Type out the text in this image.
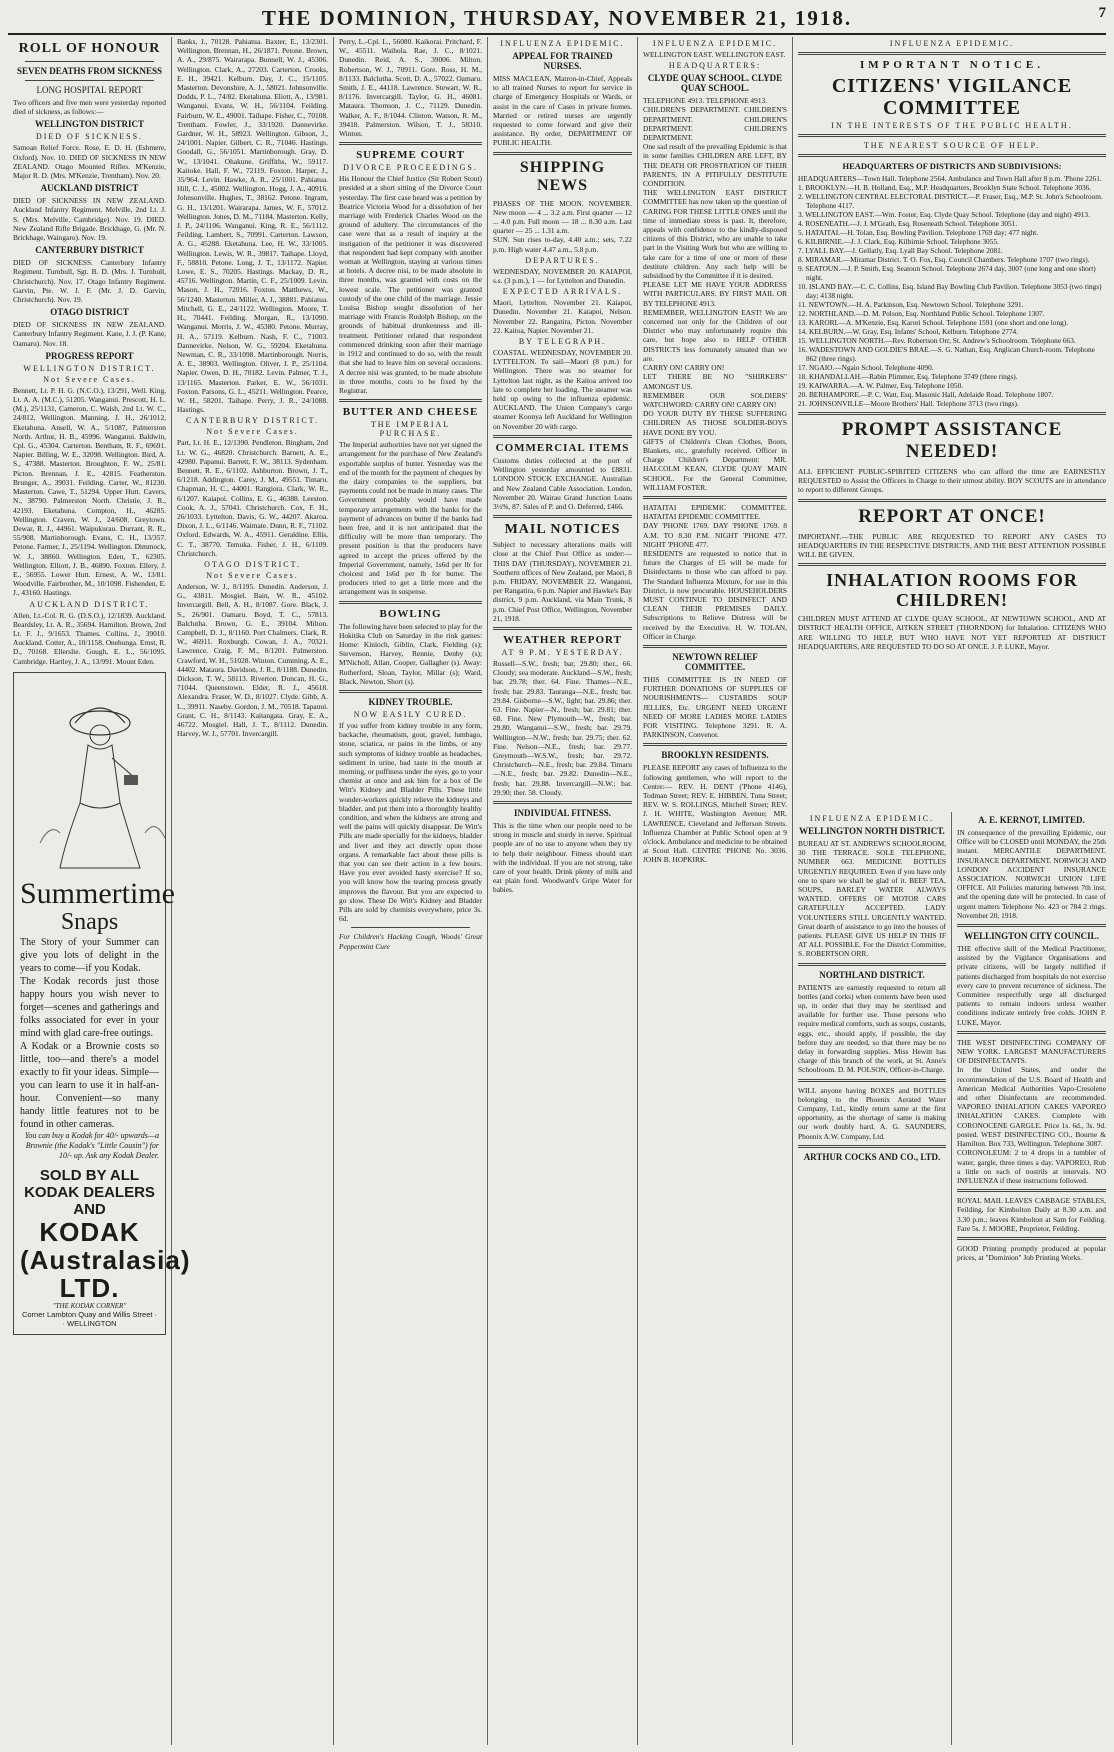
THE DOMINION, THURSDAY, NOVEMBER 21, 1918.	7
ROLL OF HONOUR
SEVEN DEATHS FROM SICKNESS
LONG HOSPITAL REPORT

Two officers and five men were yesterday reported died of sickness, as follows:—

WELLINGTON DISTRICT
DIED OF SICKNESS.

Samoan Relief Force. Rose, E. D. H. (Eshmere, Oxford). Nov. 10. DIED OF SICKNESS IN NEW ZEALAND. Otago Mounted Rifles. M'Kenzie, Major R. D. (Mrs. M'Kenzie, Trentham). Nov. 20.

AUCKLAND DISTRICT

DIED OF SICKNESS IN NEW ZEALAND. Auckland Infantry Regiment. Melville, 2nd Lt. J. S. (Mrs. Melville, Cambridge). Nov. 19. DIED. New Zealand Rifle Brigade. Brickhage, G. (Mr. N. Brickhage, Waingaro). Nov. 19.

CANTERBURY DISTRICT

DIED OF SICKNESS. Canterbury Infantry Regiment. Turnbull, Sgt. B. D. (Mrs. J. Turnbull, Christchurch). Nov. 17. Otago Infantry Regiment. Garvin, Pte. W. J. F. (Mr. J. D. Garvin, Christchurch). Nov. 19.

OTAGO DISTRICT

DIED OF SICKNESS IN NEW ZEALAND. Canterbury Infantry Regiment. Kane, J. J. (P. Kane, Oamaru). Nov. 18.

PROGRESS REPORT
WELLINGTON DISTRICT.
Not Severe Cases.

Bennett, Lt. P. H. G. (N.C.O.), 13/291, Well. King, Lt. A. A. (M.C.), 51205. Wanganui. Prescott, H. L. (M.), 25/1131, Cameron, C. Walsh, 2nd Lt. W. C., 24/812, Wellington. Manning, J. H., 26/1012, Eketahuna. Ansell, W. A., 5/1087, Palmerston North. Arthur, H. B., 45996. Wanganui. Baldwin, Cpl. G., 45304. Carterton. Bentham, R. F., 69691. Napier. Billing, W. E., 32098. Wellington. Bird, A. S., 47388. Masterton. Broughton, F. W., 25/81. Picton. Brennan, J. E., 42815. Featherston. Brunger, A., 39031. Feilding. Carter, W., 81230. Masterton. Cawe, T., 51294. Upper Hutt. Cavers, N., 38790. Palmerston North. Christie, J. R., 42193. Eketahuna. Compton, H., 46285. Wellington. Craven, W. J., 24/608. Greytown. Dewar, R. J., 44961. Waipukurau. Durrant, R. R., 55/908. Martinborough. Evans, C. H., 13/357. Petone. Farmer, J., 25/1194. Wellington. Dimmock, W. J., 38860. Wellington. Eden, T., 62305. Wellington. Elliott, J. B., 46890. Foxton. Ellery, J. E., 56955. Lower Hutt. Ernest, A. W., 13/81. Woodville. Fairbrother, M., 10/1098. Fishenden, E. J., 43160. Hastings.

AUCKLAND DISTRICT.

Allen, Lt.-Col. R. G. (D.S.O.), 12/1839. Auckland. Beardsley, Lt. A. R., 35694. Hamilton. Brown, 2nd Lt. F. J., 9/1653. Thames. Collins, J., 39010. Auckland. Cotter, A., 10/1158. Onehunga. Ernst, R. D., 70168. Ellerslie. Gough, E. L., 56/1095. Cambridge. Hartley, J. A., 13/991. Mount Eden.

Summertime
Snaps

The Story of your Summer can give you lots of delight in the years to come—if you Kodak.

The Kodak records just those happy hours you wish never to forget—scenes and gatherings and folks associated for ever in your mind with glad care-free outings.

A Kodak or a Brownie costs so little, too—and there's a model exactly to fit your ideas. Simple—you can learn to use it in half-an-hour. Convenient—so many handy little features not to be found in other cameras.

You can buy a Kodak for 40/- upwards—a Brownie (the Kodak's "Little Cousin") for 10/- up. Ask any Kodak Dealer.

SOLD BY ALL KODAK DEALERS AND
KODAK (Australasia) LTD.
"THE KODAK CORNER"
Corner Lambton Quay and Willis Street · · WELLINGTON

Banks, J., 70128. Pahiatua. Baxter, E., 13/2301. Wellington. Brennan, H., 26/1871. Petone. Brown, A. A., 29/875. Wairarapa. Bunnell, W. J., 45306. Wellington. Clark, A., 27203. Carterton. Crooks, E. H., 39421. Kelburn. Day, J. C., 15/1105. Masterton. Devonshire, A. J., 58021. Johnsonville. Dodds, P. L., 74/82. Eketahuna. Eliott, A., 13/981. Wanganui. Evans, W. H., 56/1104. Feilding. Fairburn, W. E., 49001. Taihape. Fisher, C., 70108. Trentham. Fowler, J., 33/1920. Dannevirke. Gardner, W. H., 58923. Wellington. Gibson, J., 24/1001. Napier. Gilbert, C. R., 71046. Hastings. Goodall, G., 56/1051. Martinborough. Gray, D. W., 13/1041. Ohakune. Griffiths, W., 59117. Kaitoke. Hall, F. W., 72119. Foxton. Harper, J., 35/964. Levin. Hawke, A. R., 25/1001. Pahiatua. Hill, C. J., 45002. Wellington. Hogg, J. A., 40916. Johnsonville. Hughes, T., 38162. Petone. Ingram, G. H., 13/1201. Wairarapa. James, W. F., 57012. Wellington. Jones, D. M., 71184. Masterton. Kelly, J. P., 24/1106. Wanganui. King, R. E., 56/1112. Feilding. Lambert, S., 70991. Carterton. Lawson, A. G., 45288. Eketahuna. Lee, H. W., 33/1005. Wellington. Lewis, W. R., 39817. Taihape. Lloyd, F., 58810. Petone. Long, J. T., 13/1172. Napier. Lowe, E. S., 70205. Hastings. Mackay, D. R., 45716. Wellington. Martin, C. F., 25/1009. Levin. Mason, J. H., 72016. Foxton. Matthews, W., 56/1240. Masterton. Miller, A. J., 38881. Pahiatua. Mitchell, G. E., 24/1122. Wellington. Moore, T. H., 70441. Feilding. Morgan, R., 13/1090. Wanganui. Morris, J. W., 45380. Petone. Murray, H. A., 57119. Kelburn. Nash, F. C., 71003. Dannevirke. Nelson, W. G., 59204. Eketahuna. Newman, C. R., 33/1098. Martinborough. Norris, A. E., 38903. Wellington. Oliver, J. P., 25/1104. Napier. Owen, D. H., 70182. Levin. Palmer, T. J., 13/1165. Masterton. Parker, E. W., 56/1031. Foxton. Parsons, G. L., 45211. Wellington. Pearce, W. H., 58201. Taihape. Perry, J. R., 24/1088. Hastings.

CANTERBURY DISTRICT.
Not Severe Cases.

Part, Lt. H. E., 12/1390. Pendleton. Bingham, 2nd Lt. W. G., 46820. Christchurch. Barnett, A. E., 42980. Papanui. Barrett, F. W., 38113. Sydenham. Bennett, R. E., 6/1102. Ashburton. Brown, J. T., 6/1218. Addington. Carey, J. M., 49551. Timaru. Chapman, H. C., 44001. Rangiora. Clark, W. R., 6/1207. Kaiapoi. Collins, E. G., 46388. Leeston. Cook, A. J., 57041. Christchurch. Cox, F. H., 26/1033. Lyttelton. Davis, G. W., 44207. Akaroa. Dixon, J. L., 6/1146. Waimate. Dunn, R. F., 71102. Oxford. Edwards, W. A., 45911. Geraldine. Ellis, C. T., 38770. Temuka. Fisher, J. H., 6/1109. Christchurch.

OTAGO DISTRICT.
Not Severe Cases.

Anderson, W. J., 8/1195. Dunedin. Anderson, J. G., 43811. Mosgiel. Bain, W. R., 45102. Invercargill. Bell, A. H., 8/1087. Gore. Black, J. S., 26/901. Oamaru. Boyd, T. C., 57813. Balclutha. Brown, G. E., 39104. Milton. Campbell, D. J., 8/1160. Port Chalmers. Clark, R. W., 46911. Roxburgh. Cowan, J. A., 70321. Lawrence. Craig, F. M., 8/1201. Palmerston. Crawford, W. H., 51028. Winton. Cumming, A. E., 44402. Mataura. Davidson, J. R., 8/1188. Dunedin. Dickson, T. W., 58113. Riverton. Duncan, H. G., 71044. Queenstown. Elder, R. J., 45618. Alexandra. Fraser, W. D., 8/1027. Clyde. Gibb, A. L., 39911. Naseby. Gordon, J. M., 70518. Tapanui. Grant, C. H., 8/1143. Kaitangata. Gray, E. A., 46722. Mosgiel. Hall, J. T., 8/1112. Dunedin. Harvey, W. J., 57701. Invercargill.

Perry, L.-Cpl. L., 56080. Kaikorai. Pritchard, F. W., 45511. Waihola. Rae, J. C., 8/1021. Dunedin. Reid, A. S., 39006. Milton. Robertson, W. J., 70911. Gore. Ross, H. M., 8/1133. Balclutha. Scott, D. A., 57022. Oamaru. Smith, J. E., 44118. Lawrence. Stewart, W. R., 8/1176. Invercargill. Taylor, G. H., 46081. Mataura. Thomson, J. C., 71129. Dunedin. Walker, A. F., 8/1044. Clinton. Watson, R. M., 39418. Palmerston. Wilson, T. J., 58310. Winton.

SUPREME COURT
DIVORCE PROCEEDINGS.

His Honour the Chief Justice (Sir Robert Stout) presided at a short sitting of the Divorce Court yesterday. The first case heard was a petition by Beatrice Victoria Wood for a dissolution of her marriage with Frederick Charles Wood on the ground of adultery. The circumstances of the case were that as a result of inquiry at the instigation of the petitioner it was discovered that respondent had kept company with another woman at Wellington, staying at various times at hotels. A decree nisi, to be made absolute in three months, was granted with costs on the lowest scale. The petitioner was granted custody of the one child of the marriage. Jessie Louisa Bishop sought dissolution of her marriage with Francis Rudolph Bishop, on the grounds of habitual drunkenness and ill-treatment. Petitioner related that respondent commenced drinking soon after their marriage in 1912 and continued to do so, with the result that she had to leave him on several occasions. A decree nisi was granted, to be made absolute in three months, costs to be fixed by the Registrar.

BUTTER AND CHEESE
THE IMPERIAL PURCHASE.

The Imperial authorities have not yet signed the arrangement for the purchase of New Zealand's exportable surplus of butter. Yesterday was the end of the month for the payment of cheques by the dairy companies to the suppliers, but payments could not be made in many cases. The Government probably would have made temporary arrangements with the banks for the payment of advances on butter if the banks had been free, and it is not anticipated that the difficulty will be more than temporary. The present position is that the producers have agreed to accept the prices offered by the Imperial Government, namely, 1s6d per lb for choicest and 1s6d per lb for butter. The producers tried to get a little more and the arrangement was in suspense.

BOWLING

The following have been selected to play for the Hokitika Club on Saturday in the rink games: Home: Kinloch, Giblin, Clark, Fielding (s); Stevenson, Harvey, Rennie, Denby (s); M'Nicholl, Allan, Cooper, Gallagher (s). Away: Rutherford, Sloan, Taylor, Millar (s); Ward, Black, Newton, Short (s).

KIDNEY TROUBLE.
NOW EASILY CURED.

If you suffer from kidney trouble in any form, backache, rheumatism, gout, gravel, lumbago, stone, sciatica, or pains in the limbs, or any such symptoms of kidney trouble as headaches, sediment in urine, bad taste in the mouth at morning, or puffiness under the eyes, go to your chemist at once and ask him for a box of De Witt's Kidney and Bladder Pills. These little wonder-workers quickly relieve the kidneys and bladder, and put them into a thoroughly healthy condition, and when the kidneys are strong and well the pains will quickly disappear. De Witt's Pills are made specially for the kidneys, bladder and liver and they act directly upon those organs. A remarkable fact about these pills is that you can see their action in a few hours. Have you ever avoided hasty exercise? If so, you will know how the tearing process greatly improves the flavour. But you are expected to go slow. These De Witt's Kidney and Bladder Pills are sold by chemists everywhere, price 3s. 6d.

For Children's Hacking Cough, Woods' Great Peppermint Cure

INFLUENZA EPIDEMIC.
APPEAL FOR TRAINED NURSES.

MISS MACLEAN, Matron-in-Chief, Appeals to all trained Nurses to report for service in charge of Emergency Hospitals or Wards, or assist in the care of Cases in private homes. Married or retired nurses are urgently requested to come forward and give their assistance. By order, DEPARTMENT OF PUBLIC HEALTH.

SHIPPING NEWS

PHASES OF THE MOON. NOVEMBER. New moon — 4 ... 3.2 a.m. First quarter — 12 ... 4.0 p.m. Full moon — 18 ... 8.30 a.m. Last quarter — 25 ... 1.31 a.m.

SUN. Sun rises to-day, 4.40 a.m.; sets, 7.22 p.m. High water 4.47 a.m., 5.8 p.m.

DEPARTURES.

WEDNESDAY, NOVEMBER 20. KAIAPOI, s.s. (3 p.m.), 1 — for Lyttelton and Dunedin.

EXPECTED ARRIVALS.

Maori, Lyttelton. November 21. Kaiapoi, Dunedin. November 21. Kaiapoi, Nelson. November 22. Rangatira, Picton. November 22. Kaitoa, Napier. November 21.

BY TELEGRAPH.

COASTAL. WEDNESDAY, NOVEMBER 20. LYTTELTON. To sail—Maori (8 p.m.) for Wellington. There was no steamer for Lyttelton last night, as the Kaitoa arrived too late to complete her loading. The steamer was held up owing to the influenza epidemic. AUCKLAND. The Union Company's cargo steamer Koonya left Auckland for Wellington on November 20 with cargo.

COMMERCIAL ITEMS

Customs duties collected at the port of Wellington yesterday amounted to £8831. LONDON STOCK EXCHANGE. Australian and New Zealand Cable Association. London, November 20. Wairau Grand Junction Loans 3½%, 87. Sales of P. and O. Deferred, £466.

MAIL NOTICES

Subject to necessary alterations mails will close at the Chief Post Office as under:— THIS DAY (THURSDAY), NOVEMBER 21. Southern offices of New Zealand, per Maori, 8 p.m. FRIDAY, NOVEMBER 22. Wanganui, per Rangatira, 6 p.m. Napier and Hawke's Bay district, 9 p.m. Auckland, via Main Trunk, 8 p.m. Chief Post Office, Wellington, November 21, 1918.

WEATHER REPORT
AT 9 P.M. YESTERDAY.

Russell—S.W., fresh; bar, 29.80; ther., 66. Cloudy; sea moderate. Auckland—S.W., fresh; bar. 29.78; ther. 64. Fine. Thames—N.E., fresh; bar. 29.83. Tauranga—N.E., fresh; bar. 29.84. Gisborne—S.W., light; bar. 29.86; ther. 63. Fine. Napier—N., fresh; bar. 29.81; ther. 68. Fine. New Plymouth—W., fresh; bar. 29.80. Wanganui—S.W., fresh; bar. 29.79. Wellington—N.W., fresh; bar. 29.75; ther. 62. Fine. Nelson—N.E., fresh; bar. 29.77. Greymouth—W.S.W., fresh; bar. 29.72. Christchurch—N.E., fresh; bar. 29.84. Timaru—N.E., fresh; bar. 29.82. Dunedin—N.E., fresh; bar. 29.88. Invercargill—N.W.; bar. 29.90; ther. 58. Cloudy.

INDIVIDUAL FITNESS.

This is the time when our people need to be strong in muscle and sturdy in nerve. Spiritual people are of no use to anyone when they try to help their neighbour. Fitness should start with the individual. If you are not strong, take care of your health. Drink plenty of milk and eat plain food. Woodward's Gripe Water for babies.

INFLUENZA EPIDEMIC.

WELLINGTON EAST. WELLINGTON EAST.

HEADQUARTERS:
CLYDE QUAY SCHOOL. CLYDE QUAY SCHOOL.

TELEPHONE 4913. TELEPHONE 4913.

CHILDREN'S DEPARTMENT. CHILDREN'S DEPARTMENT. CHILDREN'S DEPARTMENT. CHILDREN'S DEPARTMENT.

One sad result of the prevailing Epidemic is that in some families CHILDREN ARE LEFT, BY THE DEATH OR PROSTRATION OF THEIR PARENTS, IN A PITIFULLY DESTITUTE CONDITION.

THE WELLINGTON EAST DISTRICT COMMITTEE has now taken up the question of CARING FOR THESE LITTLE ONES until the time of immediate stress is past. It, therefore, appeals with confidence to the kindly-disposed citizens of this District, who are unable to take part in the Visiting Work but who are willing to take care for a time of one or more of these destitute children. Any such help will be subsidised by the Committee if it is desired.

PLEASE LET ME HAVE YOUR ADDRESS WITH PARTICULARS. BY FIRST MAIL OR BY TELEPHONE 4913.

REMEMBER, WELLINGTON EAST! We are concerned not only for the Children of our District who may unfortunately require this care, but hope also to HELP OTHER DISTRICTS less fortunately situated than we are.

CARRY ON! CARRY ON!

LET THERE BE NO "SHIRKERS" AMONGST US.

REMEMBER OUR SOLDIERS' WATCHWORD: CARRY ON! CARRY ON!

DO YOUR DUTY BY THESE SUFFERING CHILDREN AS THOSE SOLDIER-BOYS HAVE DONE BY YOU.

GIFTS of Children's Clean Clothes, Boots, Blankets, etc., gratefully received. Officer in Charge Children's Department: MR. HALCOLM KEAN, CLYDE QUAY MAIN SCHOOL. For the General Committee, WILLIAM FOSTER.

HATAITAI EPIDEMIC COMMITTEE. HATAITAI EPIDEMIC COMMITTEE.

DAY 'PHONE 1769. DAY 'PHONE 1769. 8 A.M. TO 8.30 P.M. NIGHT 'PHONE 477. NIGHT 'PHONE 477.

RESIDENTS are requested to notice that in future the Charges of £5 will be made for Disinfectants to those who can afford to pay. The Standard Influenza Mixture, for use in this District, is now procurable. HOUSEHOLDERS MUST CONTINUE TO DISINFECT AND CLEAN THEIR PREMISES DAILY. Subscriptions to Relieve Distress will be received by the Executive. H. W. TOLAN, Officer in Charge.

NEWTOWN RELIEF COMMITTEE.

THIS COMMITTEE IS IN NEED OF FURTHER DONATIONS OF SUPPLIES OF NOURISHMENTS— CUSTARDS SOUP JELLIES, Etc. URGENT NEED URGENT NEED OF MORE LADIES MORE LADIES FOR VISITING. Telephone 3291. R. A. PARKINSON, Convenor.

BROOKLYN RESIDENTS.

PLEASE REPORT any cases of Influenza to the following gentlemen, who will report to the Centre:— REV. H. DENT ('Phone 4146), Todman Street; REV. E. HIBBEN, Tuna Street; REV. W. S. ROLLINGS, Mitchell Street; REV. J. H. WHITE, Washington Avenue; MR. LAWRENCE, Cleveland and Jefferson Streets. Influenza Chamber at Public School open at 9 o'clock. Ambulance and medicine to be obtained at Scout Hall. CENTRE 'PHONE No. 3036. JOHN B. HOPKIRK.

INFLUENZA EPIDEMIC.
WELLINGTON NORTH DISTRICT.

BUREAU AT ST. ANDREW'S SCHOOLROOM, 30 THE TERRACE. SOLE TELEPHONE, NUMBER 663. MEDICINE BOTTLES URGENTLY REQUIRED. Even if you have only one to spare we shall be glad of it. BEEF TEA, SOUPS, BARLEY WATER ALWAYS WANTED. OFFERS OF MOTOR CARS GRATEFULLY ACCEPTED. LADY VOLUNTEERS STILL URGENTLY WANTED. Great dearth of assistance to go into the houses of patients. PLEASE GIVE US HELP IN THIS IF AT ALL POSSIBLE. For the District Committee, S. ROBERTSON ORR.

NORTHLAND DISTRICT.

PATIENTS are earnestly requested to return all bottles (and corks) when contents have been used up, in order that they may be sterilised and available for further use. Those persons who require medical comforts, such as soups, custards, eggs, etc., should apply, if possible, the day before they are needed, so that there may be no delay in forwarding supplies. Miss Hewitt has charge of this branch of the work, at St. Anne's Schoolroom. D. M. POLSON, Officer-in-Charge.

WILL anyone having BOXES and BOTTLES belonging to the Phoenix Aerated Water Company, Ltd., kindly return same at the first opportunity, as the shortage of same is making our work doubly hard. A. G. SAUNDERS, Phoenix A.W. Company, Ltd.

ARTHUR COCKS AND CO., LTD.
INFLUENZA EPIDEMIC.
IMPORTANT NOTICE.
CITIZENS' VIGILANCE COMMITTEE
IN THE INTERESTS OF THE PUBLIC HEALTH.
THE NEAREST SOURCE OF HELP.
HEADQUARTERS OF DISTRICTS AND SUBDIVISIONS:

HEADQUARTERS—Town Hall. Telephone 2564. Ambulance and Town Hall after 8 p.m. 'Phone 2261.

1. BROOKLYN.—H. B. Holland, Esq., M.P. Headquarters, Brooklyn State School. Telephone 3036.

2. WELLINGTON CENTRAL ELECTORAL DISTRICT.—P. Fraser, Esq., M.P. St. John's Schoolroom. Telephone 4117.

3. WELLINGTON EAST.—Wm. Foster, Esq. Clyde Quay School. Telephone (day and night) 4913.

4. ROSENEATH.—J. J. M'Grath, Esq. Roseneath School. Telephone 3051.

5. HATAITAI.—H. Tolan, Esq. Bowling Pavilion. Telephone 1769 day; 477 night.

6. KILBIRNIE.—J. J. Clark, Esq. Kilbirnie School. Telephone 3055.

7. LYALL BAY.—J. Gellatly, Esq. Lyall Bay School. Telephone 2081.

8. MIRAMAR.—Miramar District. T. O. Fox, Esq. Council Chambers. Telephone 1707 (two rings).

9. SEATOUN.—J. P. Smith, Esq. Seatoun School. Telephone 2674 day, 3007 (one long and one short) night.

10. ISLAND BAY.—C. C. Collins, Esq. Island Bay Bowling Club Pavilion. Telephone 3053 (two rings) day; 4138 night.

11. NEWTOWN.—H. A. Parkinson, Esq. Newtown School. Telephone 3291.

12. NORTHLAND.—D. M. Polson, Esq. Northland Public School. Telephone 1307.

13. KARORI.—A. M'Kenzie, Esq. Karori School. Telephone 1591 (one short and one long).

14. KELBURN.—W. Gray, Esq. Infants' School, Kelburn. Telephone 2774.

15. WELLINGTON NORTH.—Rev. Robertson Orr, St. Andrew's Schoolroom. Telephone 663.

16. WADESTOWN AND GOLDIE'S BRAE.—S. G. Nathan, Esq. Anglican Church-room. Telephone 862 (three rings).

17. NGAIO.—Ngaio School. Telephone 4090.

18. KHANDALLAH.—Rabin Plimmer, Esq. Telephone 3749 (three rings).

19. KAIWARRA.—A. W. Palmer, Esq. Telephone 1050.

20. BERHAMPORE.—P. C. Watt, Esq. Masonic Hall, Adelaide Road. Telephone 1807.

21. JOHNSONVILLE—Moore Brothers' Hall. Telephone 3713 (two rings).

PROMPT ASSISTANCE NEEDED!

ALL EFFICIENT PUBLIC-SPIRITED CITIZENS who can afford the time are EARNESTLY REQUESTED to Assist the Officers in Charge to their utmost ability. BOY SCOUTS are in attendance to report to different Groups.

REPORT AT ONCE!

IMPORTANT.—THE PUBLIC ARE REQUESTED TO REPORT ANY CASES TO HEADQUARTERS IN THE RESPECTIVE DISTRICTS, AND THE BEST ATTENTION POSSIBLE WILL BE GIVEN.

INHALATION ROOMS FOR CHILDREN!

CHILDREN MUST ATTEND AT CLYDE QUAY SCHOOL, AT NEWTOWN SCHOOL, AND AT DISTRICT HEALTH OFFICE, AITKEN STREET (THORNDON) for Inhalation. CITIZENS WHO ARE WILLING TO HELP, BUT WHO HAVE NOT YET REPORTED AT DISTRICT HEADQUARTERS, ARE REQUESTED TO DO SO AT ONCE. J. P. LUKE, Mayor.

A. E. KERNOT, LIMITED.

IN consequence of the prevailing Epidemic, our Office will be CLOSED until MONDAY, the 25th instant. MERCANTILE DEPARTMENT. INSURANCE DEPARTMENT. NORWICH AND LONDON ACCIDENT INSURANCE ASSOCIATION. NORWICH UNION LIFE OFFICE. All Policies maturing between 7th inst. and the opening date will be protected. In case of urgent matters Telephone No. 423 or 784 2 rings. November 20, 1918.

WELLINGTON CITY COUNCIL.

THE effective skill of the Medical Practitioner, assisted by the Vigilance Organisations and private citizens, will be largely nullified if patients discharged from hospitals do not exercise every care to prevent recurrence of sickness. The Committee respectfully urge all discharged patients to remain indoors unless weather conditions indicate entirely free colds. JOHN P. LUKE, Mayor.

THE WEST DISINFECTING COMPANY OF NEW YORK. LARGEST MANUFACTURERS OF DISINFECTANTS.

In the United States, and under the recommendation of the U.S. Board of Health and American Medical Authorities Vapo-Cresolene and other Disinfectants are recommended. VAPOREO INHALATION CAKES VAPOREO INHALATION CAKES. Complete with CORONOCENE GARGLE. Price 1s. 6d., 3s. 9d. posted. WEST DISINFECTING CO., Bourne & Hamilton. Box 733, Wellington. Telephone 3087.

CORONOLEUM: 2 to 4 drops in a tumbler of water, gargle, three times a day. VAPOREO, Rub a little on each of nostrils at intervals. NO INFLUENZA if these instructions followed.

ROYAL MAIL LEAVES CABBAGE STABLES, Feilding, for Kimbolton Daily at 8.30 a.m. and 3.30 p.m.; leaves Kimbolton at Sam for Feilding. Fare 5s. J. MOORE, Proprietor, Feilding.

GOOD Printing promptly produced at popular prices, at "Dominion" Job Printing Works.
